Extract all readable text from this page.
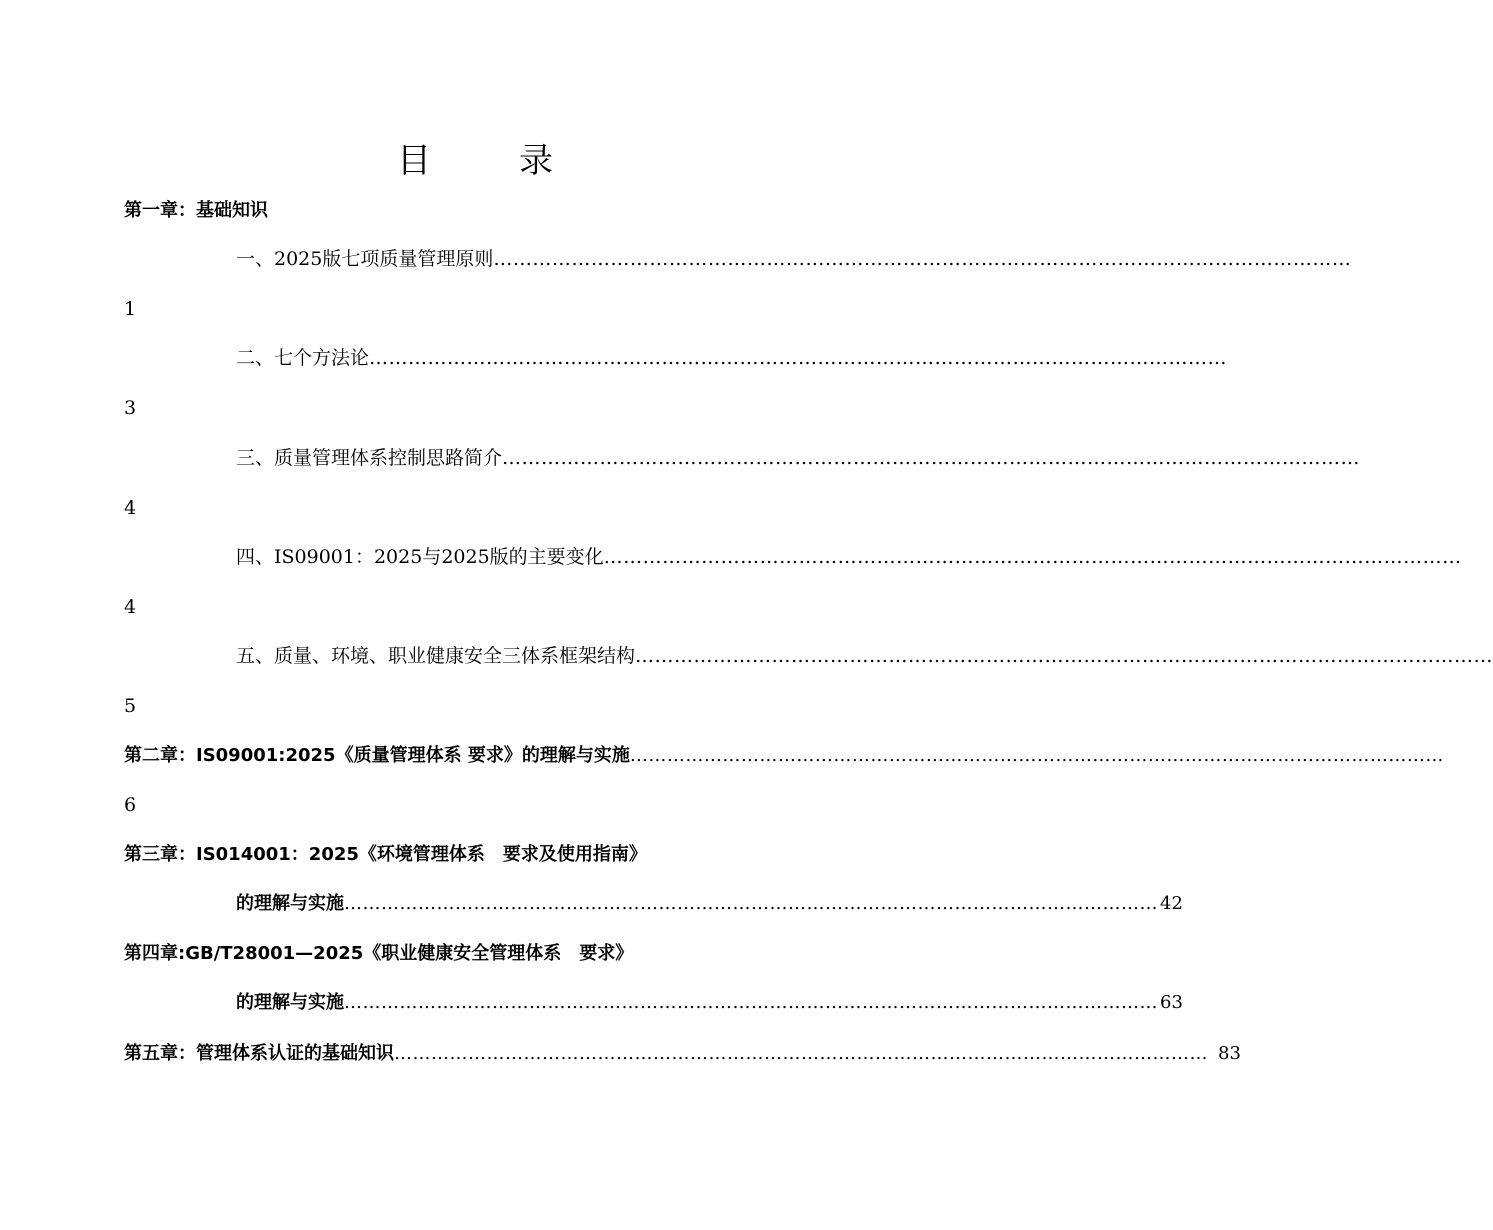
目	录
第一章：基础知识
一、2025版七项质量管理原则 ……………………………………………………………………………………………………………………
1
二、七个方法论 ……………………………………………………………………………………………………………………
3
三、质量管理体系控制思路简介 ……………………………………………………………………………………………………………………
4
四、IS09001：2025与2025版的主要变化 ……………………………………………………………………………………………………………………
4
五、质量、环境、职业健康安全三体系框架结构 ……………………………………………………………………………………………………………………
5
第二章：IS09001:2025《质量管理体系 要求》的理解与实施 ……………………………………………………………………………………………………………………
6
第三章：IS014001：2025《环境管理体系　要求及使用指南》
的理解与实施 …………………………………………………………………………………………………………………… 42
第四章:GB/T28001—2025《职业健康安全管理体系　要求》
的理解与实施 …………………………………………………………………………………………………………………… 63
第五章：管理体系认证的基础知识 …………………………………………………………………………………………………………………… 83
